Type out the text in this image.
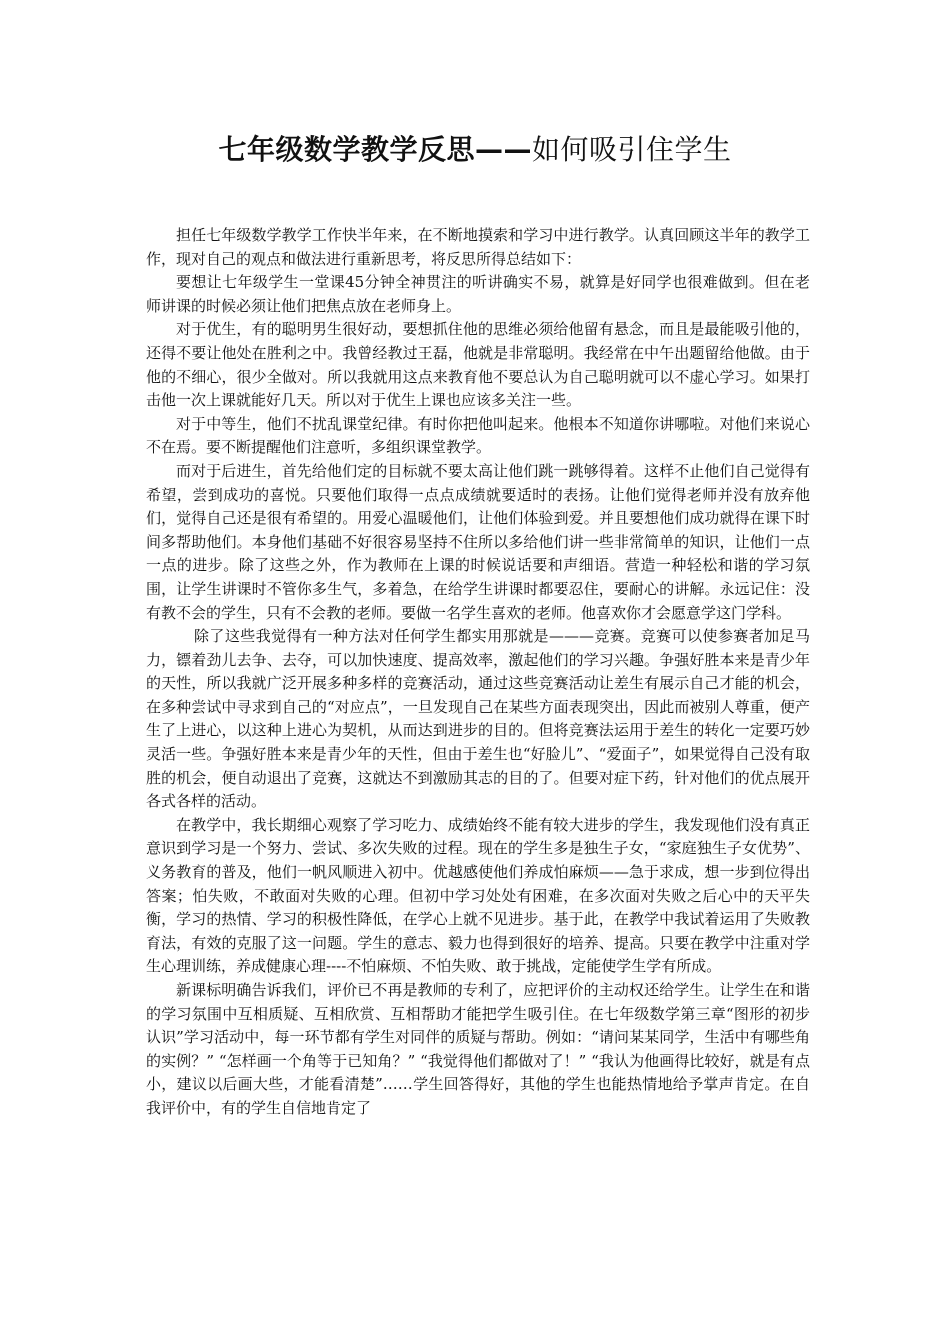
七年级数学教学反思——如何吸引住学生

担任七年级数学教学工作快半年来，在不断地摸索和学习中进行教学。认真回顾这半年的教学工作，现对自己的观点和做法进行重新思考，将反思所得总结如下：

要想让七年级学生一堂课45分钟全神贯注的听讲确实不易，就算是好同学也很难做到。但在老师讲课的时候必须让他们把焦点放在老师身上。

对于优生，有的聪明男生很好动，要想抓住他的思维必须给他留有悬念，而且是最能吸引他的，还得不要让他处在胜利之中。我曾经教过王磊，他就是非常聪明。我经常在中午出题留给他做。由于他的不细心，很少全做对。所以我就用这点来教育他不要总认为自己聪明就可以不虚心学习。如果打击他一次上课就能好几天。所以对于优生上课也应该多关注一些。

对于中等生，他们不扰乱课堂纪律。有时你把他叫起来。他根本不知道你讲哪啦。对他们来说心不在焉。要不断提醒他们注意听，多组织课堂教学。

而对于后进生，首先给他们定的目标就不要太高让他们跳一跳够得着。这样不止他们自己觉得有希望，尝到成功的喜悦。只要他们取得一点点成绩就要适时的表扬。让他们觉得老师并没有放弃他们，觉得自己还是很有希望的。用爱心温暖他们，让他们体验到爱。并且要想他们成功就得在课下时间多帮助他们。本身他们基础不好很容易坚持不住所以多给他们讲一些非常简单的知识，让他们一点一点的进步。除了这些之外，作为教师在上课的时候说话要和声细语。营造一种轻松和谐的学习氛围，让学生讲课时不管你多生气，多着急，在给学生讲课时都要忍住，要耐心的讲解。永远记住：没有教不会的学生，只有不会教的老师。要做一名学生喜欢的老师。他喜欢你才会愿意学这门学科。

除了这些我觉得有一种方法对任何学生都实用那就是———竞赛。竞赛可以使参赛者加足马力，镖着劲儿去争、去夺，可以加快速度、提高效率，激起他们的学习兴趣。争强好胜本来是青少年的天性，所以我就广泛开展多种多样的竞赛活动，通过这些竞赛活动让差生有展示自己才能的机会，在多种尝试中寻求到自己的“对应点”，一旦发现自己在某些方面表现突出，因此而被别人尊重，便产生了上进心，以这种上进心为契机，从而达到进步的目的。但将竞赛法运用于差生的转化一定要巧妙灵活一些。争强好胜本来是青少年的天性，但由于差生也“好脸儿”、“爱面子”，如果觉得自己没有取胜的机会，便自动退出了竞赛，这就达不到激励其志的目的了。但要对症下药，针对他们的优点展开各式各样的活动。

在教学中，我长期细心观察了学习吃力、成绩始终不能有较大进步的学生，我发现他们没有真正意识到学习是一个努力、尝试、多次失败的过程。现在的学生多是独生子女，“家庭独生子女优势”、义务教育的普及，他们一帆风顺进入初中。优越感使他们养成怕麻烦——急于求成，想一步到位得出答案；怕失败，不敢面对失败的心理。但初中学习处处有困难，在多次面对失败之后心中的天平失衡，学习的热情、学习的积极性降低，在学心上就不见进步。基于此，在教学中我试着运用了失败教育法，有效的克服了这一问题。学生的意志、毅力也得到很好的培养、提高。只要在教学中注重对学生心理训练，养成健康心理----不怕麻烦、不怕失败、敢于挑战，定能使学生学有所成。

新课标明确告诉我们，评价已不再是教师的专利了，应把评价的主动权还给学生。让学生在和谐的学习氛围中互相质疑、互相欣赏、互相帮助才能把学生吸引住。在七年级数学第三章“图形的初步认识”学习活动中，每一环节都有学生对同伴的质疑与帮助。例如：“请问某某同学，生活中有哪些角的实例？” “怎样画一个角等于已知角？” “我觉得他们都做对了！” “我认为他画得比较好，就是有点小，建议以后画大些，才能看清楚”……学生回答得好，其他的学生也能热情地给予掌声肯定。在自我评价中，有的学生自信地肯定了
